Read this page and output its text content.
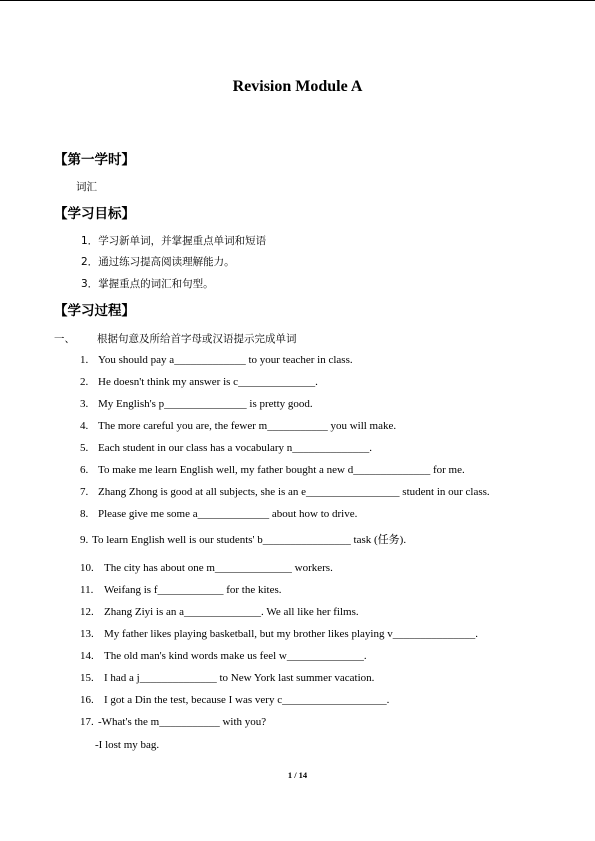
Revision Module A
【第一学时】
词汇
【学习目标】
1．学习新单词，并掌握重点单词和短语
2．通过练习提高阅读理解能力。
3．掌握重点的词汇和句型。
【学习过程】
一、 根据句意及所给首字母或汉语提示完成单词
1. You should pay a_____________ to your teacher in class.
2. He doesn't think my answer is c______________.
3. My English's p_______________ is pretty good.
4. The more careful you are, the fewer m___________ you will make.
5. Each student in our class has a vocabulary n______________.
6. To make me learn English well, my father bought a new d______________ for me.
7. Zhang Zhong is good at all subjects, she is an e_________________ student in our class.
8. Please give me some a_____________ about how to drive.
9. To learn English well is our students' b________________ task (任务).
10. The city has about one m______________ workers.
11. Weifang is f____________ for the kites.
12. Zhang Ziyi is an a______________. We all like her films.
13. My father likes playing basketball, but my brother likes playing v_______________.
14. The old man's kind words make us feel w______________.
15. I had a j______________ to New York last summer vacation.
16. I got a Din the test, because I was very c___________________.
17. -What's the m___________ with you?
-I lost my bag.
1 / 14
